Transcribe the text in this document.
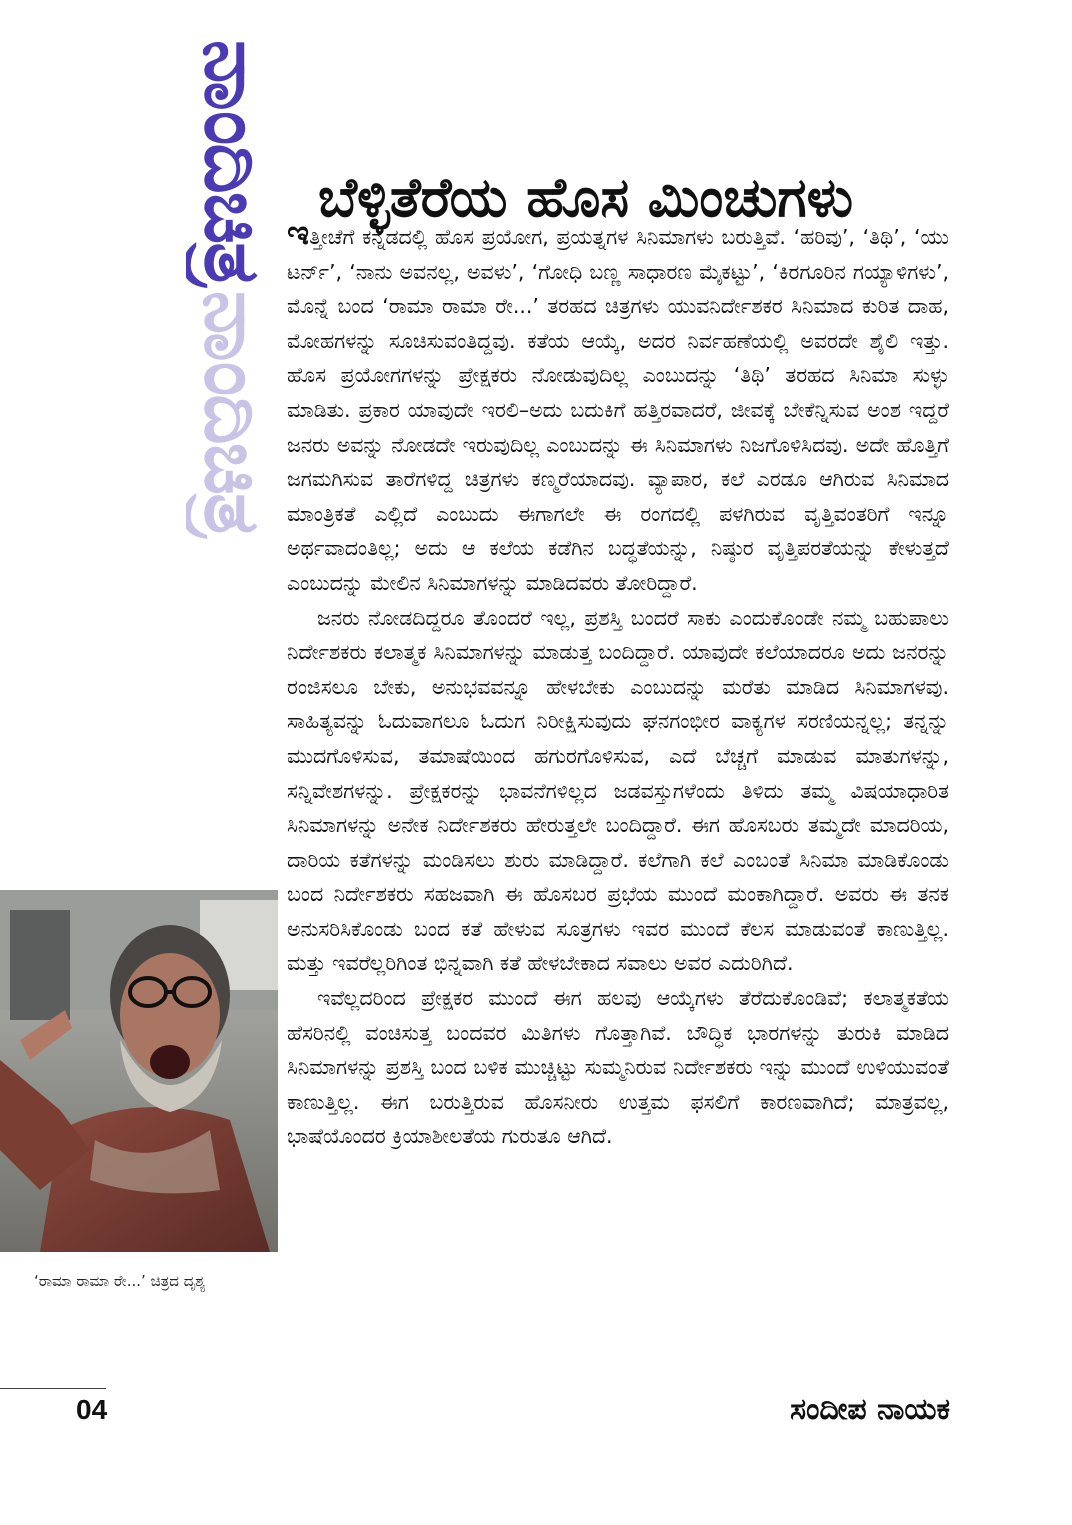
ನಾಂದಿಚಿತ್ರ
ನಾಂದಿಚಿತ್ರ ಬೆಳ್ಳಿತೆರೆಯ ಹೊಸ ಮಿಂಚುಗಳು

ಇತ್ತೀಚೆಗೆ ಕನ್ನಡದಲ್ಲಿ ಹೊಸ ಪ್ರಯೋಗ, ಪ್ರಯತ್ನಗಳ ಸಿನಿಮಾಗಳು ಬರುತ್ತಿವೆ. ‘ಹರಿವು’, ‘ತಿಥಿ’, ‘ಯು ಟರ್ನ್’, ‘ನಾನು ಅವನಲ್ಲ, ಅವಳು’, ‘ಗೋಧಿ ಬಣ್ಣ ಸಾಧಾರಣ ಮೈಕಟ್ಟು’, ‘ಕಿರಗೂರಿನ ಗಯ್ಯಾಳಿಗಳು’, ಮೊನ್ನೆ ಬಂದ ‘ರಾಮಾ ರಾಮಾ ರೇ...’ ತರಹದ ಚಿತ್ರಗಳು ಯುವನಿರ್ದೇಶಕರ ಸಿನಿಮಾದ ಕುರಿತ ದಾಹ, ಮೋಹಗಳನ್ನು ಸೂಚಿಸುವಂತಿದ್ದವು. ಕತೆಯ ಆಯ್ಕೆ, ಅದರ ನಿರ್ವಹಣೆಯಲ್ಲಿ ಅವರದೇ ಶೈಲಿ ಇತ್ತು. ಹೊಸ ಪ್ರಯೋಗಗಳನ್ನು ಪ್ರೇಕ್ಷಕರು ನೋಡುವುದಿಲ್ಲ ಎಂಬುದನ್ನು ‘ತಿಥಿ’ ತರಹದ ಸಿನಿಮಾ ಸುಳ್ಳು ಮಾಡಿತು. ಪ್ರಕಾರ ಯಾವುದೇ ಇರಲಿ–ಅದು ಬದುಕಿಗೆ ಹತ್ತಿರವಾದರೆ, ಜೀವಕ್ಕೆ ಬೇಕೆನ್ನಿಸುವ ಅಂಶ ಇದ್ದರೆ ಜನರು ಅವನ್ನು ನೋಡದೇ ಇರುವುದಿಲ್ಲ ಎಂಬುದನ್ನು ಈ ಸಿನಿಮಾಗಳು ನಿಜಗೊಳಿಸಿದವು. ಅದೇ ಹೊತ್ತಿಗೆ ಜಗಮಗಿಸುವ ತಾರೆಗಳಿದ್ದ ಚಿತ್ರಗಳು ಕಣ್ಮರೆಯಾದವು. ವ್ಯಾಪಾರ, ಕಲೆ ಎರಡೂ ಆಗಿರುವ ಸಿನಿಮಾದ ಮಾಂತ್ರಿಕತೆ ಎಲ್ಲಿದೆ ಎಂಬುದು ಈಗಾಗಲೇ ಈ ರಂಗದಲ್ಲಿ ಪಳಗಿರುವ ವೃತ್ತಿವಂತರಿಗೆ ಇನ್ನೂ ಅರ್ಥವಾದಂತಿಲ್ಲ; ಅದು ಆ ಕಲೆಯ ಕಡೆಗಿನ ಬದ್ಧತೆಯನ್ನು, ನಿಷ್ಠುರ ವೃತ್ತಿಪರತೆಯನ್ನು ಕೇಳುತ್ತದೆ ಎಂಬುದನ್ನು ಮೇಲಿನ ಸಿನಿಮಾಗಳನ್ನು ಮಾಡಿದವರು ತೋರಿದ್ದಾರೆ.

ಜನರು ನೋಡದಿದ್ದರೂ ತೊಂದರೆ ಇಲ್ಲ, ಪ್ರಶಸ್ತಿ ಬಂದರೆ ಸಾಕು ಎಂದುಕೊಂಡೇ ನಮ್ಮ ಬಹುಪಾಲು ನಿರ್ದೇಶಕರು ಕಲಾತ್ಮಕ ಸಿನಿಮಾಗಳನ್ನು ಮಾಡುತ್ತ ಬಂದಿದ್ದಾರೆ. ಯಾವುದೇ ಕಲೆಯಾದರೂ ಅದು ಜನರನ್ನು ರಂಜಿಸಲೂ ಬೇಕು, ಅನುಭವವನ್ನೂ ಹೇಳಬೇಕು ಎಂಬುದನ್ನು ಮರೆತು ಮಾಡಿದ ಸಿನಿಮಾಗಳವು. ಸಾಹಿತ್ಯವನ್ನು ಓದುವಾಗಲೂ ಓದುಗ ನಿರೀಕ್ಷಿಸುವುದು ಘನಗಂಭೀರ ವಾಕ್ಯಗಳ ಸರಣಿಯನ್ನಲ್ಲ; ತನ್ನನ್ನು ಮುದಗೊಳಿಸುವ, ತಮಾಷೆಯಿಂದ ಹಗುರಗೊಳಿಸುವ, ಎದೆ ಬೆಚ್ಚಗೆ ಮಾಡುವ ಮಾತುಗಳನ್ನು, ಸನ್ನಿವೇಶಗಳನ್ನು. ಪ್ರೇಕ್ಷಕರನ್ನು ಭಾವನೆಗಳಿಲ್ಲದ ಜಡವಸ್ತುಗಳೆಂದು ತಿಳಿದು ತಮ್ಮ ವಿಷಯಾಧಾರಿತ ಸಿನಿಮಾಗಳನ್ನು ಅನೇಕ ನಿರ್ದೇಶಕರು ಹೇರುತ್ತಲೇ ಬಂದಿದ್ದಾರೆ. ಈಗ ಹೊಸಬರು ತಮ್ಮದೇ ಮಾದರಿಯ, ದಾರಿಯ ಕತೆಗಳನ್ನು ಮಂಡಿಸಲು ಶುರು ಮಾಡಿದ್ದಾರೆ. ಕಲೆಗಾಗಿ ಕಲೆ ಎಂಬಂತೆ ಸಿನಿಮಾ ಮಾಡಿಕೊಂಡು ಬಂದ ನಿರ್ದೇಶಕರು ಸಹಜವಾಗಿ ಈ ಹೊಸಬರ ಪ್ರಭೆಯ ಮುಂದೆ ಮಂಕಾಗಿದ್ದಾರೆ. ಅವರು ಈ ತನಕ ಅನುಸರಿಸಿಕೊಂಡು ಬಂದ ಕತೆ ಹೇಳುವ ಸೂತ್ರಗಳು ಇವರ ಮುಂದೆ ಕೆಲಸ ಮಾಡುವಂತೆ ಕಾಣುತ್ತಿಲ್ಲ. ಮತ್ತು ಇವರೆಲ್ಲರಿಗಿಂತ ಭಿನ್ನವಾಗಿ ಕತೆ ಹೇಳಬೇಕಾದ ಸವಾಲು ಅವರ ಎದುರಿಗಿದೆ.

ಇವೆಲ್ಲದರಿಂದ ಪ್ರೇಕ್ಷಕರ ಮುಂದೆ ಈಗ ಹಲವು ಆಯ್ಕೆಗಳು ತೆರೆದುಕೊಂಡಿವೆ; ಕಲಾತ್ಮಕತೆಯ ಹೆಸರಿನಲ್ಲಿ ವಂಚಿಸುತ್ತ ಬಂದವರ ಮಿತಿಗಳು ಗೊತ್ತಾಗಿವೆ. ಬೌದ್ಧಿಕ ಭಾರಗಳನ್ನು ತುರುಕಿ ಮಾಡಿದ ಸಿನಿಮಾಗಳನ್ನು ಪ್ರಶಸ್ತಿ ಬಂದ ಬಳಿಕ ಮುಚ್ಚಿಟ್ಟು ಸುಮ್ಮನಿರುವ ನಿರ್ದೇಶಕರು ಇನ್ನು ಮುಂದೆ ಉಳಿಯುವಂತೆ ಕಾಣುತ್ತಿಲ್ಲ. ಈಗ ಬರುತ್ತಿರುವ ಹೊಸನೀರು ಉತ್ತಮ ಫಸಲಿಗೆ ಕಾರಣವಾಗಿದೆ; ಮಾತ್ರವಲ್ಲ, ಭಾಷೆಯೊಂದರ ಕ್ರಿಯಾಶೀಲತೆಯ ಗುರುತೂ ಆಗಿದೆ.

‘ರಾಮಾ ರಾಮಾ ರೇ...’ ಚಿತ್ರದ ದೃಶ್ಯ
04	ಸಂದೀಪ ನಾಯಕ
